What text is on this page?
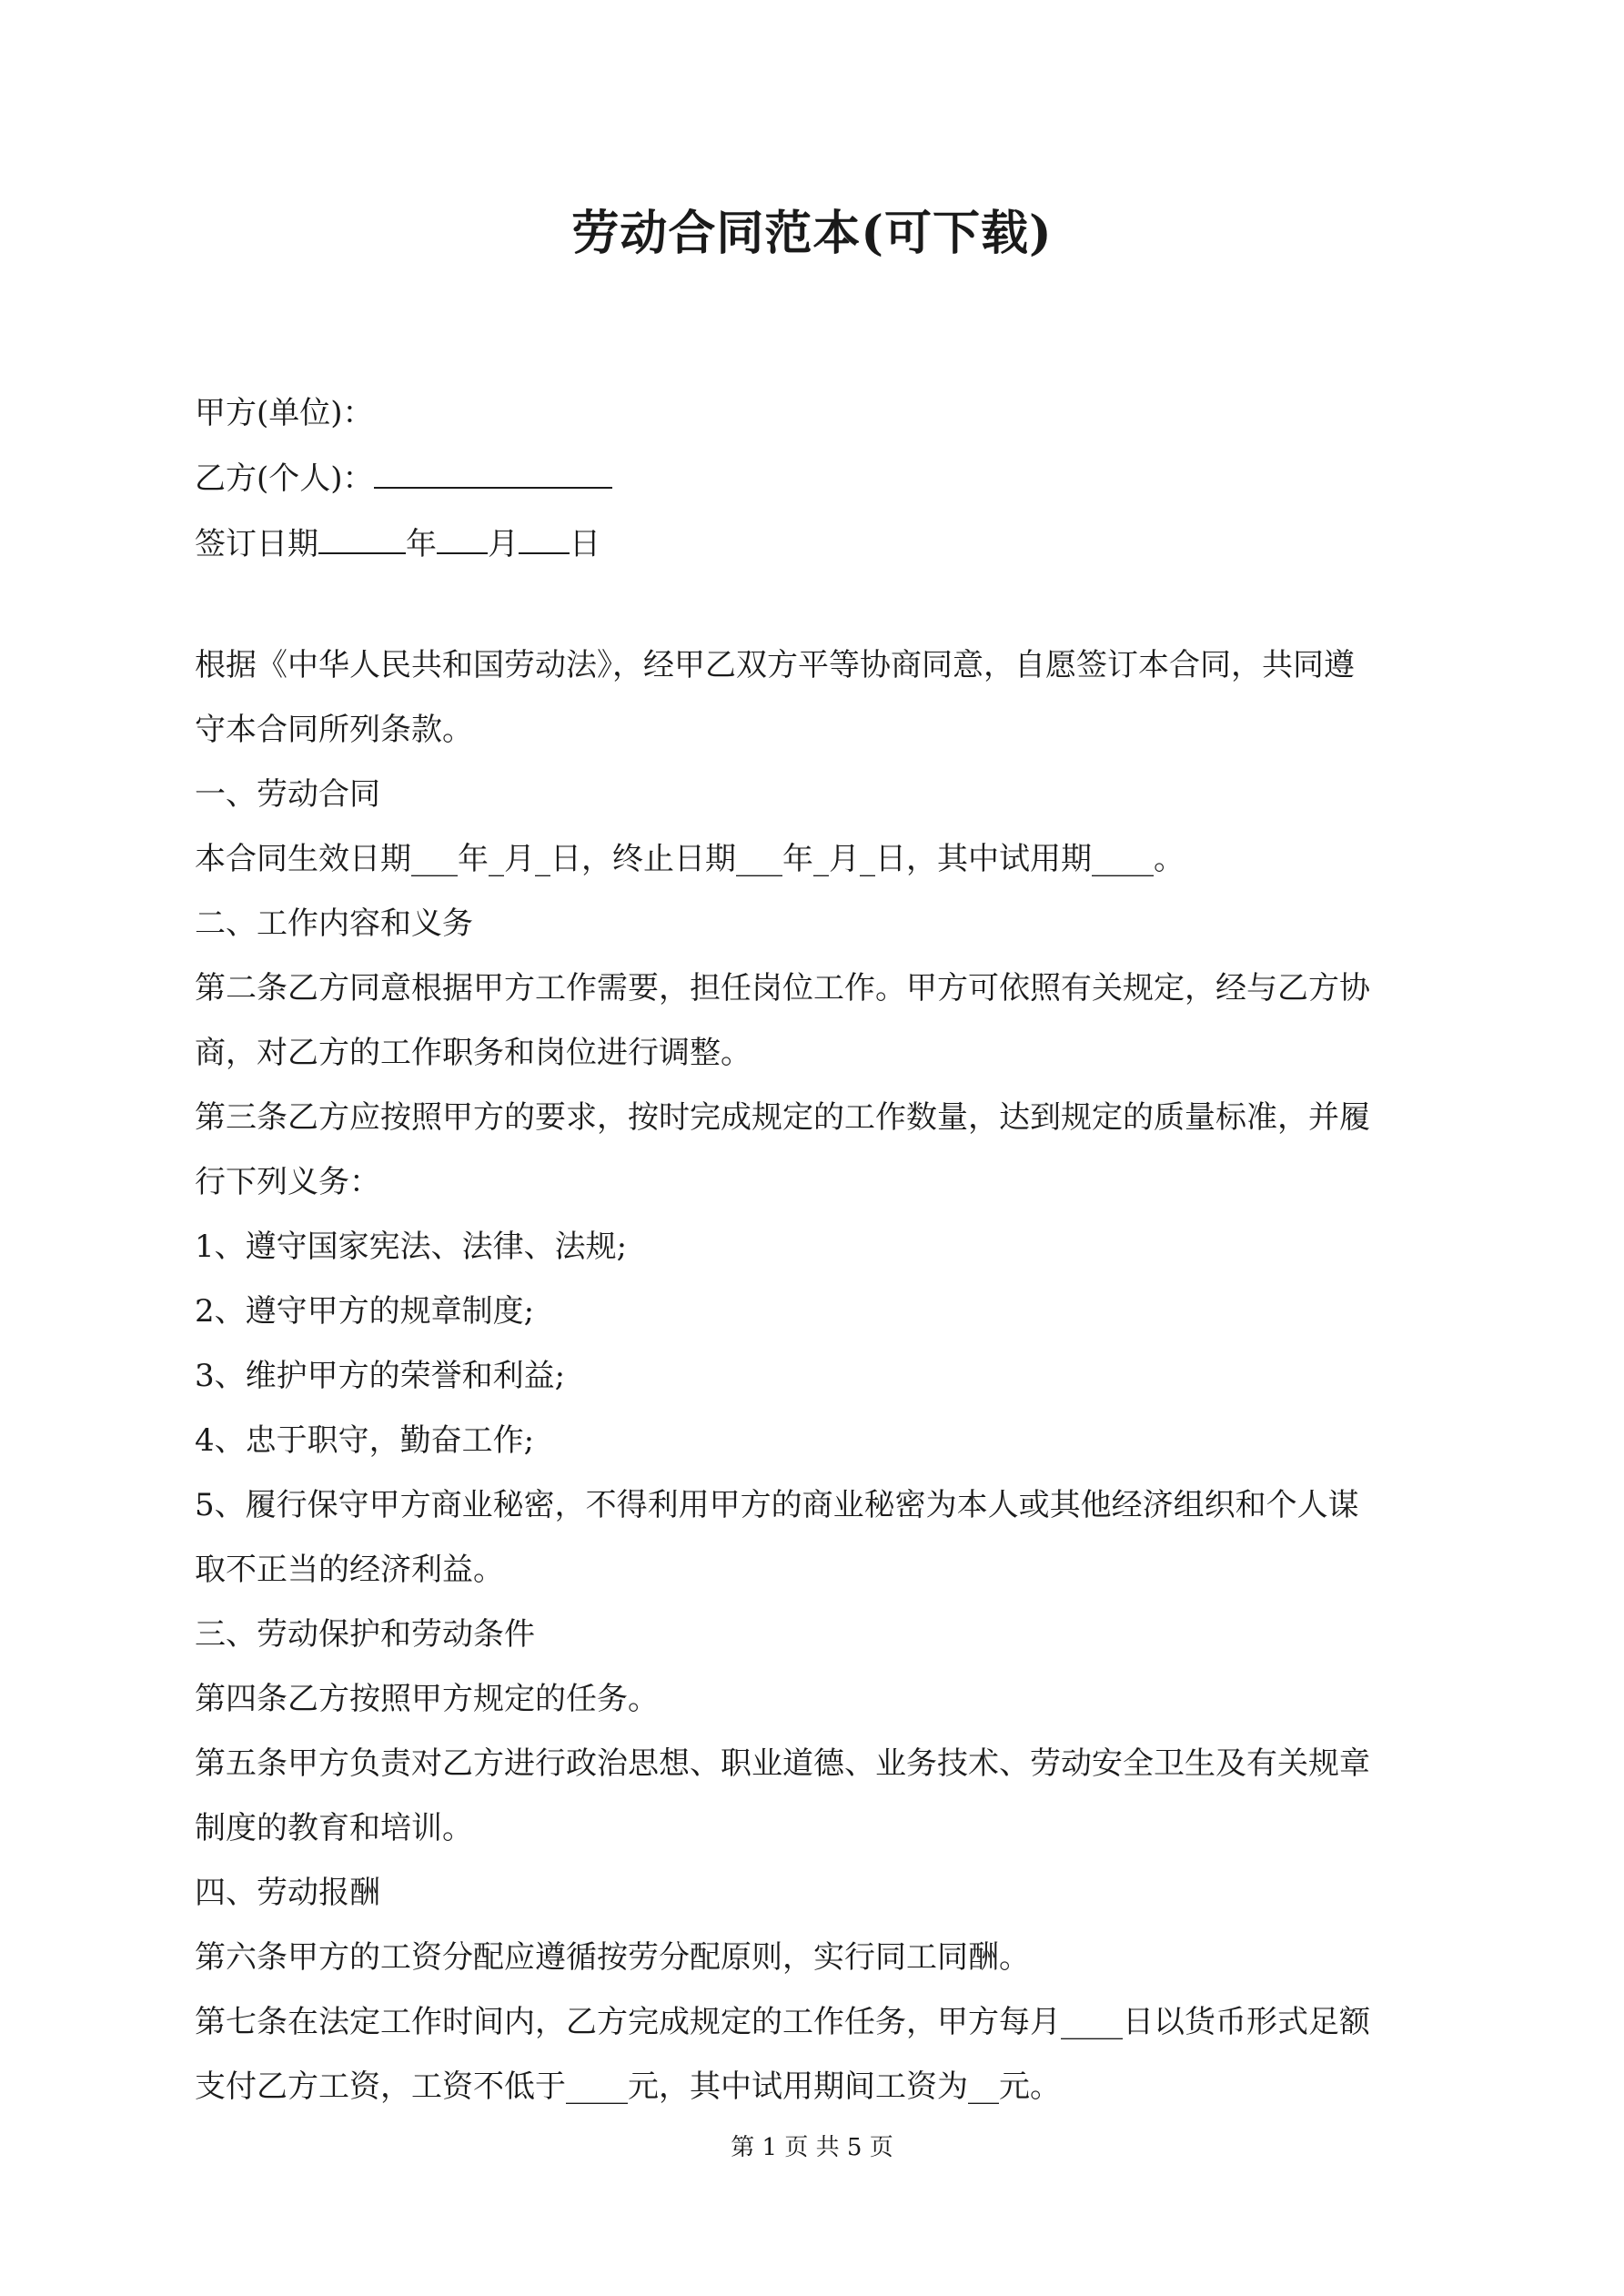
劳动合同范本(可下载)
甲方(单位)：
乙方(个人)：
签订日期	年 月 日
根据《中华人民共和国劳动法》，经甲乙双方平等协商同意，自愿签订本合同，共同遵
守本合同所列条款。
一、劳动合同
本合同生效日期___年_月_日，终止日期___年_月_日，其中试用期____。
二、工作内容和义务
第二条乙方同意根据甲方工作需要，担任岗位工作。甲方可依照有关规定，经与乙方协
商，对乙方的工作职务和岗位进行调整。
第三条乙方应按照甲方的要求，按时完成规定的工作数量，达到规定的质量标准，并履
行下列义务：
1、遵守国家宪法、法律、法规;
2、遵守甲方的规章制度;
3、维护甲方的荣誉和利益;
4、忠于职守，勤奋工作;
5、履行保守甲方商业秘密，不得利用甲方的商业秘密为本人或其他经济组织和个人谋
取不正当的经济利益。
三、劳动保护和劳动条件
第四条乙方按照甲方规定的任务。
第五条甲方负责对乙方进行政治思想、职业道德、业务技术、劳动安全卫生及有关规章
制度的教育和培训。
四、劳动报酬
第六条甲方的工资分配应遵循按劳分配原则，实行同工同酬。
第七条在法定工作时间内，乙方完成规定的工作任务，甲方每月____日以货币形式足额
支付乙方工资，工资不低于____元，其中试用期间工资为__元。
第 1 页 共 5 页
